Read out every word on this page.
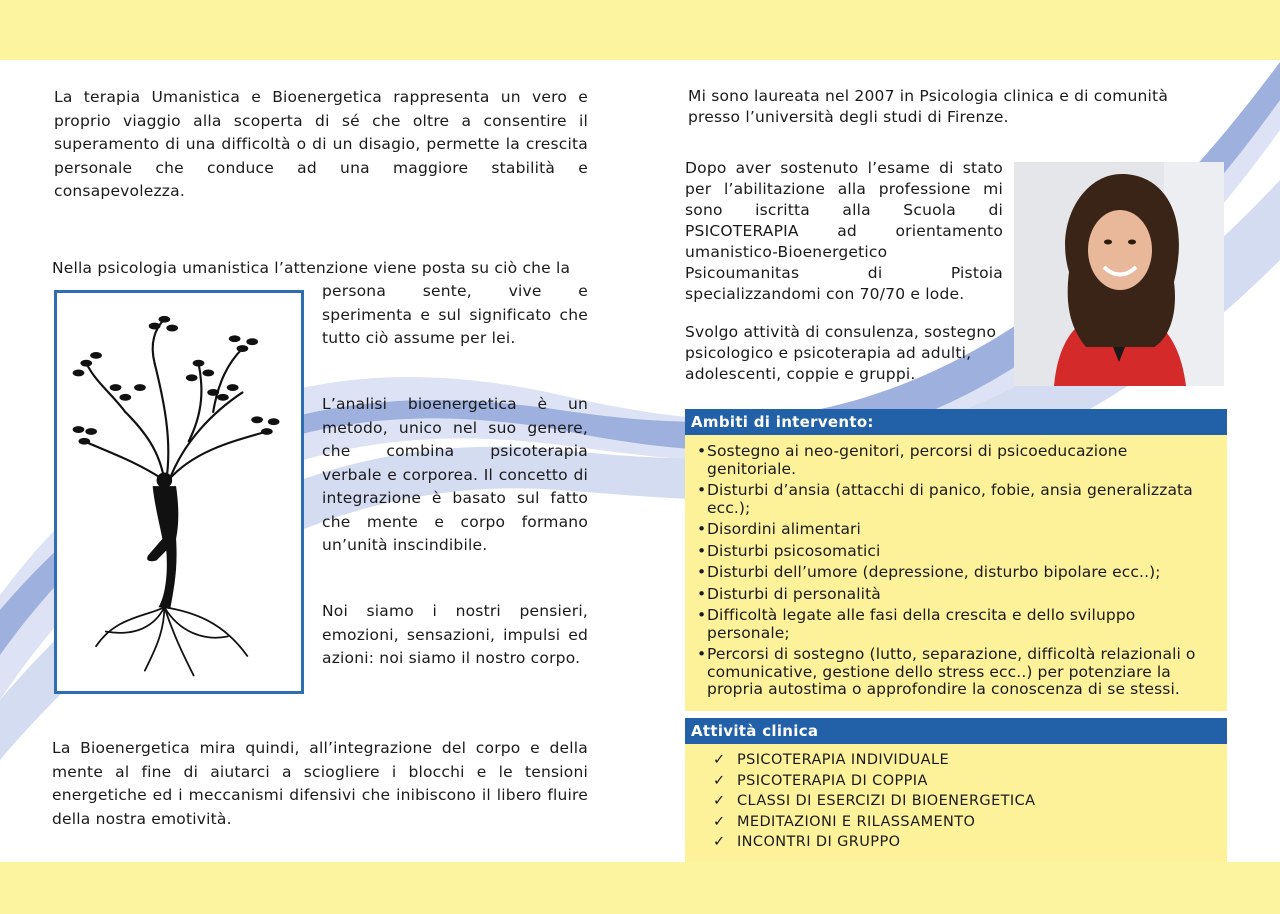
La terapia Umanistica e Bioenergetica rappresenta un vero e proprio viaggio alla scoperta di sé che oltre a consentire il superamento di una difficoltà o di un disagio, permette la crescita personale che conduce ad una maggiore stabilità e consapevolezza.

Nella psicologia umanistica l’attenzione viene posta su ciò che la

persona sente, vive e sperimenta e sul significato che tutto ciò assume per lei.

L’analisi bioenergetica è un metodo, unico nel suo genere, che combina psicoterapia verbale e corporea. Il concetto di integrazione è basato sul fatto che mente e corpo formano un’unità inscindibile.

Noi siamo i nostri pensieri, emozioni, sensazioni, impulsi ed azioni: noi siamo il nostro corpo.

La Bioenergetica mira quindi, all’integrazione del corpo e della mente al fine di aiutarci a sciogliere i blocchi e le tensioni energetiche ed i meccanismi difensivi che inibiscono il libero fluire della nostra emotività.

Mi sono laureata nel 2007 in Psicologia clinica e di comunità presso l’università degli studi di Firenze.

Dopo aver sostenuto l’esame di stato per l’abilitazione alla professione mi sono iscritta alla Scuola di PSICOTERAPIA ad orientamento umanistico-Bioenergetico Psicoumanitas di Pistoia specializzandomi con 70/70 e lode.

Svolgo attività di consulenza, sostegno psicologico e psicoterapia ad adulti, adolescenti, coppie e gruppi.

Ambiti di intervento:
• Sostegno ai neo-genitori, percorsi di psicoeducazione genitoriale.
• Disturbi d’ansia (attacchi di panico, fobie, ansia generalizzata ecc.);
• Disordini alimentari
• Disturbi psicosomatici
• Disturbi dell’umore (depressione, disturbo bipolare ecc..);
• Disturbi di personalità
• Difficoltà legate alle fasi della crescita e dello sviluppo personale;
• Percorsi di sostegno (lutto, separazione, difficoltà relazionali o comunicative, gestione dello stress ecc..) per potenziare la propria autostima o approfondire la conoscenza di se stessi.
Attività clinica
✓ PSICOTERAPIA INDIVIDUALE
✓ PSICOTERAPIA DI COPPIA
✓ CLASSI DI ESERCIZI DI BIOENERGETICA
✓ MEDITAZIONI E RILASSAMENTO
✓ INCONTRI DI GRUPPO
